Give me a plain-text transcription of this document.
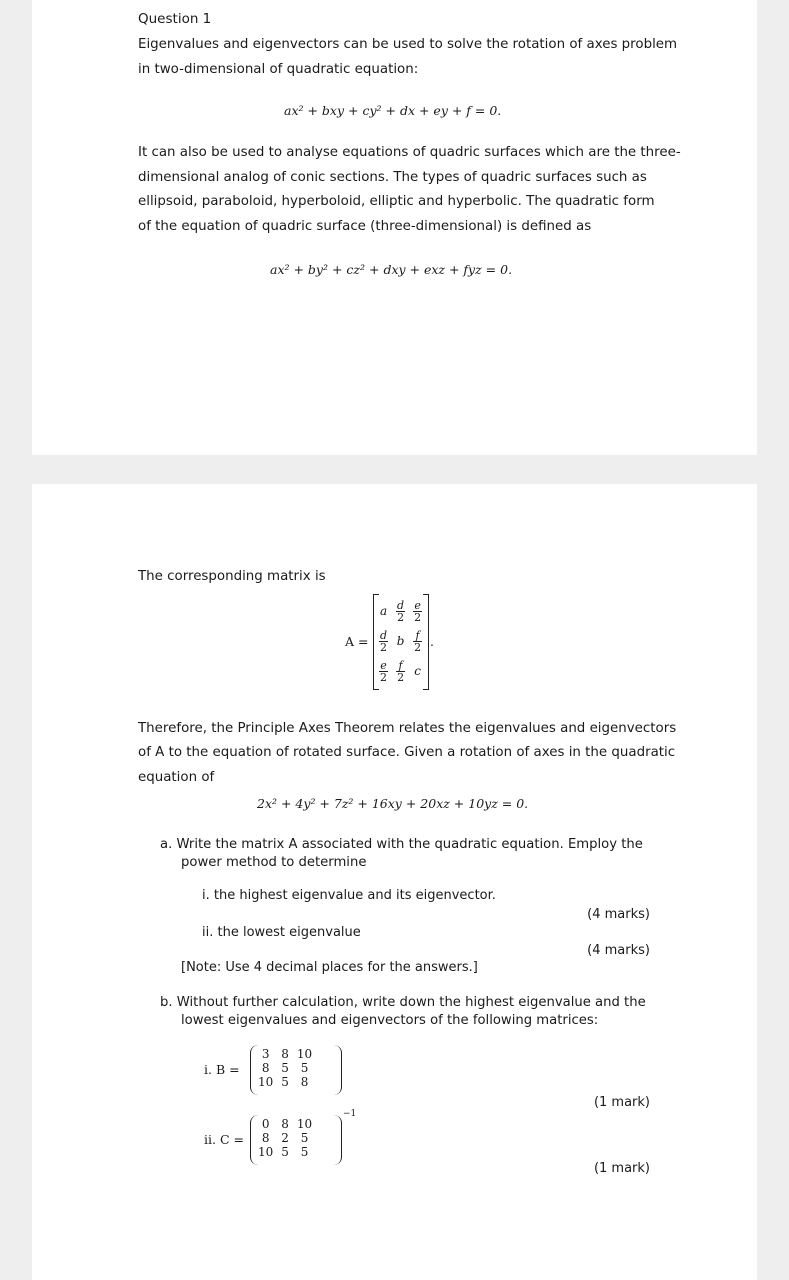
Question 1
Eigenvalues and eigenvectors can be used to solve the rotation of axes problem
in two-dimensional of quadratic equation:
ax² + bxy + cy² + dx + ey + f = 0.
It can also be used to analyse equations of quadric surfaces which are the three-
dimensional analog of conic sections. The types of quadric surfaces such as
ellipsoid, paraboloid, hyperboloid, elliptic and hyperbolic. The quadratic form
of the equation of quadric surface (three-dimensional) is defined as
ax² + by² + cz² + dxy + exz + fyz = 0.
The corresponding matrix is
A =
a	$\frac{d}{2}$	$\frac{e}{2}$

$\frac{d}{2}$	b	$\frac{f}{2}$

$\frac{e}{2}$	$\frac{f}{2}$	c
.
Therefore, the Principle Axes Theorem relates the eigenvalues and eigenvectors
of A to the equation of rotated surface. Given a rotation of axes in the quadratic
equation of
2x² + 4y² + 7z² + 16xy + 20xz + 10yz = 0.
a. Write the matrix A associated with the quadratic equation. Employ the
power method to determine
i. the highest eigenvalue and its eigenvector.
(4 marks)
ii. the lowest eigenvalue
(4 marks)
[Note: Use 4 decimal places for the answers.]
b. Without further calculation, write down the highest eigenvalue and the
lowest eigenvalues and eigenvectors of the following matrices:
i. B =
3	8	10
8	5	5
10	5	8
(1 mark)
ii. C =
0	8	10
8	2	5
10	5	5
−1
(1 mark)
